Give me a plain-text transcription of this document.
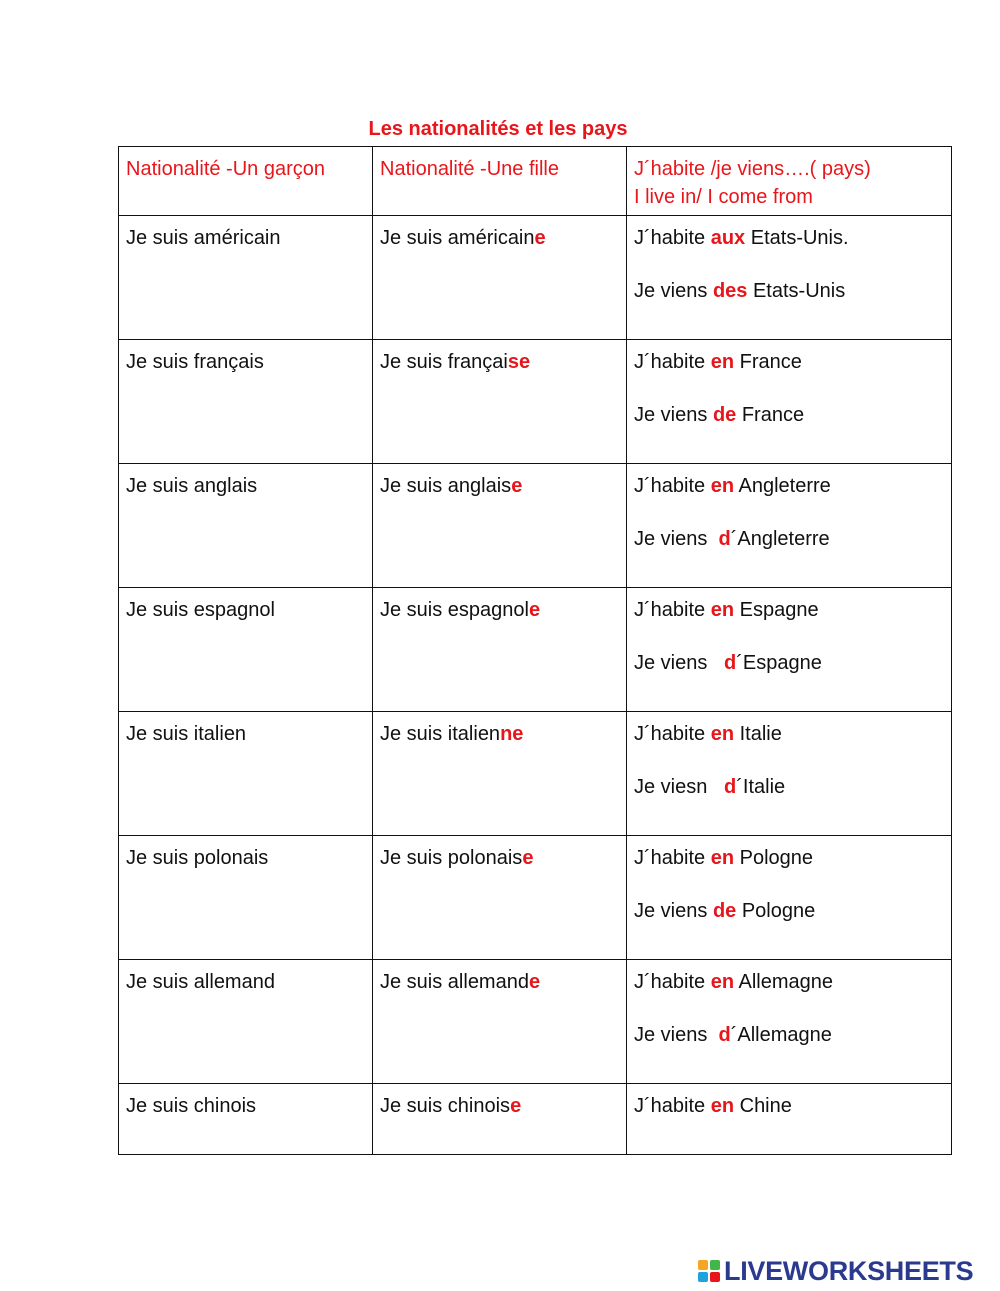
Les nationalités et les pays
Nationalité -Un garçon	Nationalité -Une fille	J´habite /je viens….( pays)
I live in/ I come from

Je suis américain	Je suis américaine	J´habite aux Etats-Unis.
Je viens des Etats-Unis

Je suis français	Je suis française	J´habite en France
Je viens de France

Je suis anglais	Je suis anglaise	J´habite en Angleterre
Je viens  d´Angleterre

Je suis espagnol	Je suis espagnole	J´habite en Espagne
Je viens   d´Espagne

Je suis italien	Je suis italienne	J´habite en Italie
Je viesn   d´Italie

Je suis polonais	Je suis polonaise	J´habite en Pologne
Je viens de Pologne

Je suis allemand	Je suis allemande	J´habite en Allemagne
Je viens  d´Allemagne

Je suis chinois	Je suis chinoise	J´habite en Chine
LIVEWORKSHEETS
